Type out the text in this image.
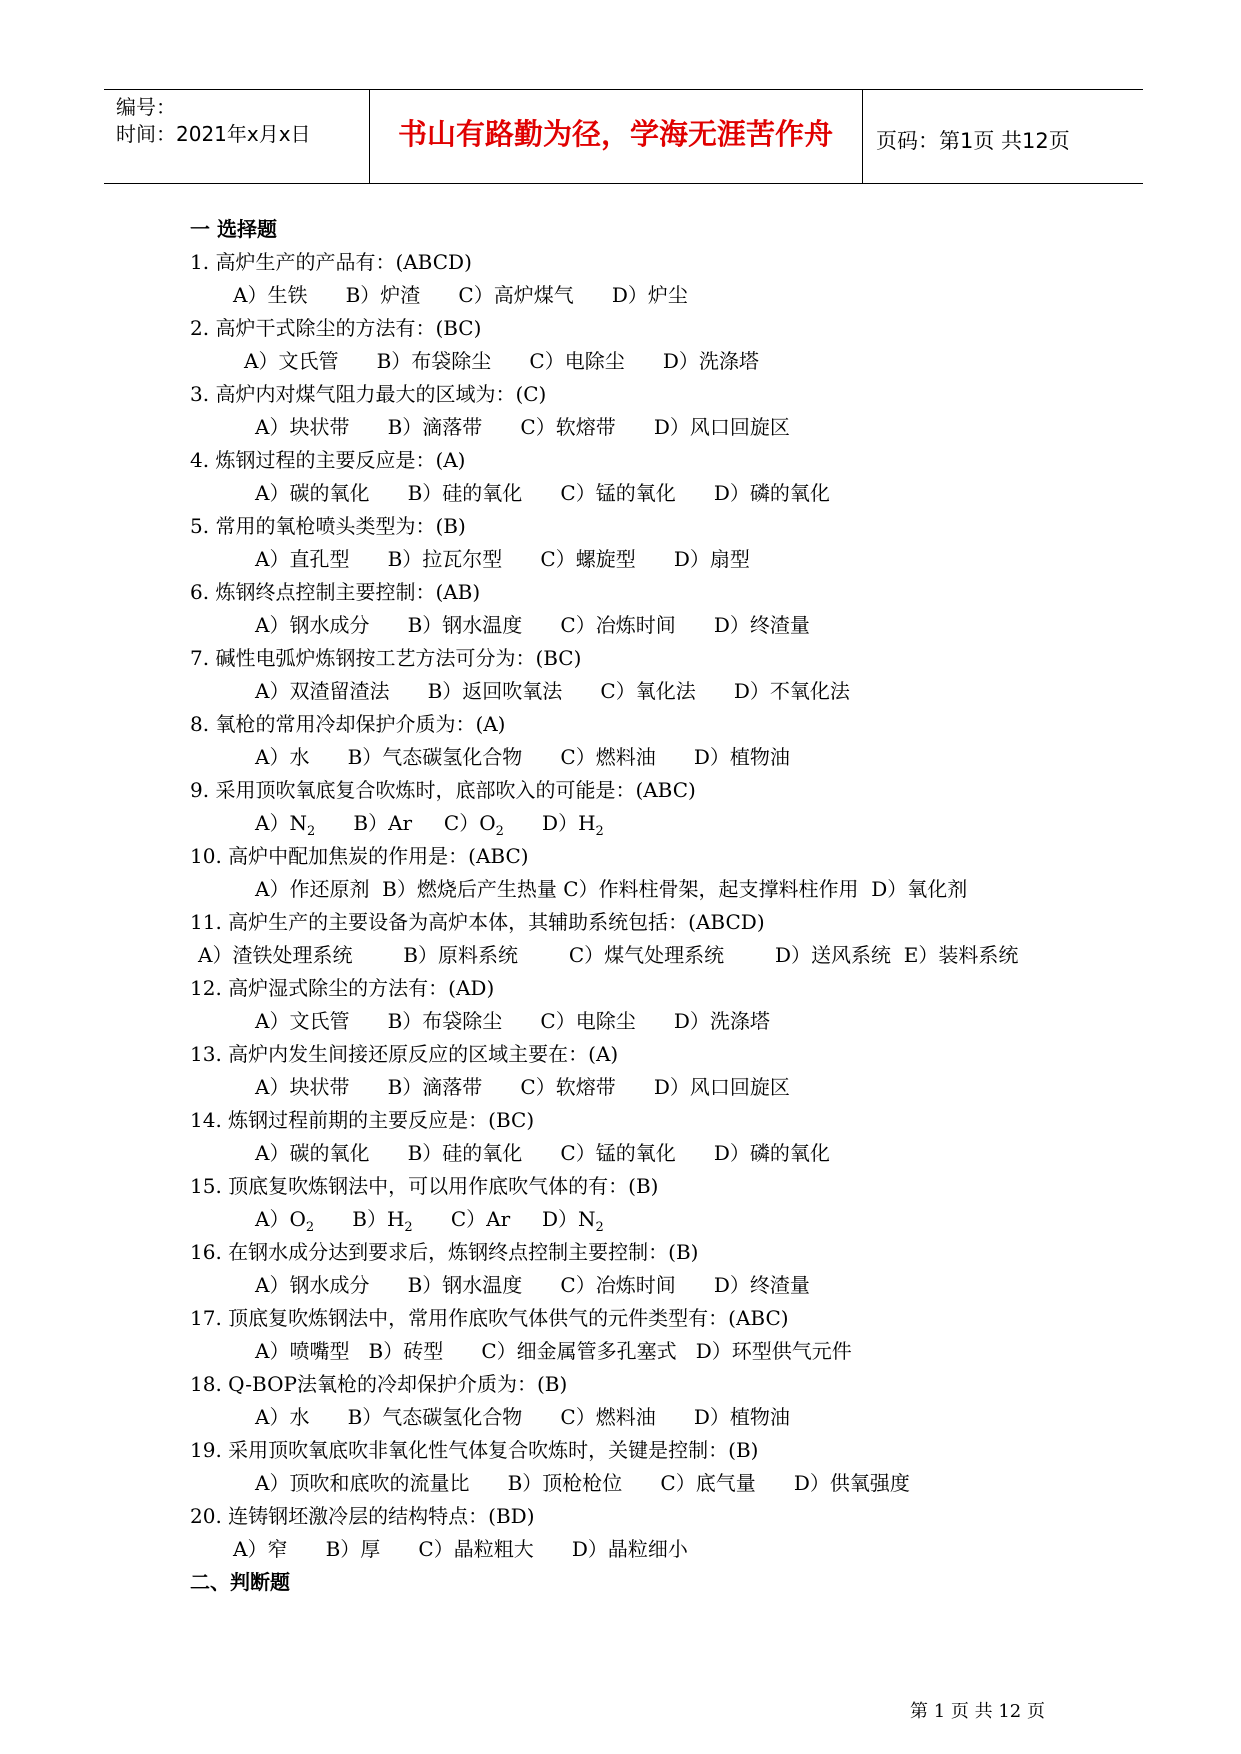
编号：
时间：2021年x月x日	书山有路勤为径，学海无涯苦作舟	页码：第1页 共12页
一 选择题
1. 高炉生产的产品有：(ABCD)
A）生铁      B）炉渣      C）高炉煤气      D）炉尘
2. 高炉干式除尘的方法有：(BC)
A）文氏管      B）布袋除尘      C）电除尘      D）洗涤塔
3. 高炉内对煤气阻力最大的区域为：(C)
A）块状带      B）滴落带      C）软熔带      D）风口回旋区
4. 炼钢过程的主要反应是：(A)
A）碳的氧化      B）硅的氧化      C）锰的氧化      D）磷的氧化
5. 常用的氧枪喷头类型为：(B)
A）直孔型      B）拉瓦尔型      C）螺旋型      D）扇型
6. 炼钢终点控制主要控制：(AB)
A）钢水成分      B）钢水温度      C）冶炼时间      D）终渣量
7. 碱性电弧炉炼钢按工艺方法可分为：(BC)
A）双渣留渣法      B）返回吹氧法      C）氧化法      D）不氧化法
8. 氧枪的常用冷却保护介质为：(A)
A）水      B）气态碳氢化合物      C）燃料油      D）植物油
9. 采用顶吹氧底复合吹炼时，底部吹入的可能是：(ABC)
$A)N_2$ B）Ar $C)O_2$ $D)H_2$
10. 高炉中配加焦炭的作用是：(ABC)
A）作还原剂  B）燃烧后产生热量 C）作料柱骨架，起支撑料柱作用  D）氧化剂
11. 高炉生产的主要设备为高炉本体，其辅助系统包括：(ABCD)
A）渣铁处理系统        B）原料系统        C）煤气处理系统        D）送风系统  E）装料系统
12. 高炉湿式除尘的方法有：(AD)
A）文氏管      B）布袋除尘      C）电除尘      D）洗涤塔
13. 高炉内发生间接还原反应的区域主要在：(A)
A）块状带      B）滴落带      C）软熔带      D）风口回旋区
14. 炼钢过程前期的主要反应是：(BC)
A）碳的氧化      B）硅的氧化      C）锰的氧化      D）磷的氧化
15. 顶底复吹炼钢法中，可以用作底吹气体的有：(B)
$A)O_2$ $B)H_2$ C）Ar $D)N_2$
16. 在钢水成分达到要求后，炼钢终点控制主要控制：(B)
A）钢水成分      B）钢水温度      C）冶炼时间      D）终渣量
17. 顶底复吹炼钢法中，常用作底吹气体供气的元件类型有：(ABC)
A）喷嘴型   B）砖型      C）细金属管多孔塞式   D）环型供气元件
18. Q-BOP法氧枪的冷却保护介质为：(B)
A）水      B）气态碳氢化合物      C）燃料油      D）植物油
19. 采用顶吹氧底吹非氧化性气体复合吹炼时，关键是控制：(B)
A）顶吹和底吹的流量比      B）顶枪枪位      C）底气量      D）供氧强度
20. 连铸钢坯激冷层的结构特点：(BD)
A）窄      B）厚      C）晶粒粗大      D）晶粒细小
二、判断题
第 1 页 共 12 页
